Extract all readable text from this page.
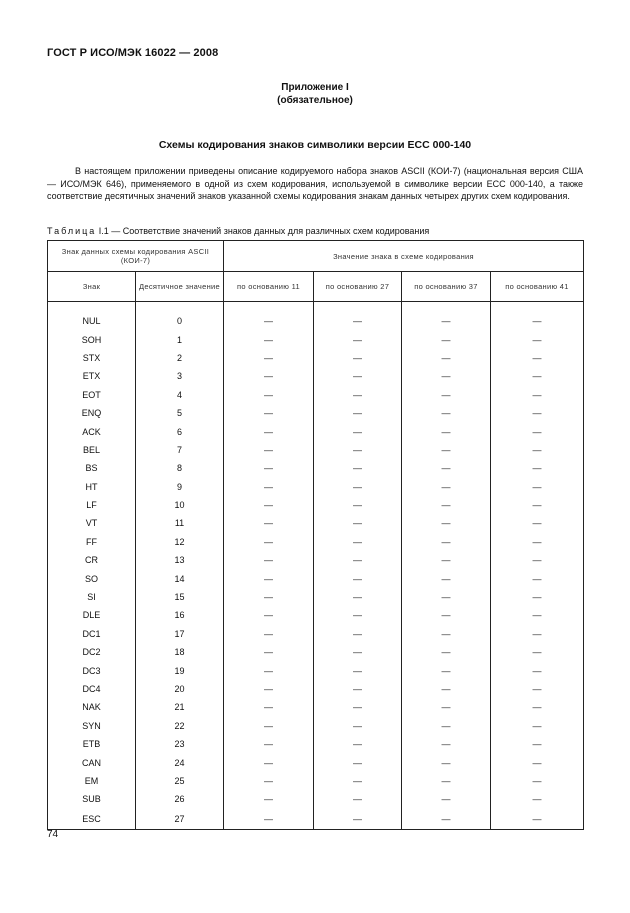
ГОСТ Р ИСО/МЭК 16022 — 2008
Приложение I
(обязательное)
Схемы кодирования знаков символики версии ECC 000-140

В настоящем приложении приведены описание кодируемого набора знаков ASCII (КОИ-7) (национальная версия США — ИСО/МЭК 646), применяемого в одной из схем кодирования, используемой в символике версии ECC 000-140, а также соответствие десятичных значений знаков указанной схемы кодирования знакам данных четырех других схем кодирования.

Таблица I.1 — Соответствие значений знаков данных для различных схем кодирования
Знак данных схемы кодирования ASCII (КОИ-7)		Значение знака в схеме кодирования			
Знак	Десятичное значение	по основанию 11	по основанию 27	по основанию 37	по основанию 41

NUL	0	—	—	—	—
SOH	1	—	—	—	—
STX	2	—	—	—	—
ETX	3	—	—	—	—
EOT	4	—	—	—	—
ENQ	5	—	—	—	—
ACK	6	—	—	—	—
BEL	7	—	—	—	—
BS	8	—	—	—	—
HT	9	—	—	—	—
LF	10	—	—	—	—
VT	11	—	—	—	—
FF	12	—	—	—	—
CR	13	—	—	—	—
SO	14	—	—	—	—
SI	15	—	—	—	—
DLE	16	—	—	—	—
DC1	17	—	—	—	—
DC2	18	—	—	—	—
DC3	19	—	—	—	—
DC4	20	—	—	—	—
NAK	21	—	—	—	—
SYN	22	—	—	—	—
ETB	23	—	—	—	—
CAN	24	—	—	—	—
EM	25	—	—	—	—
SUB	26	—	—	—	—
ESC	27	—	—	—	—
74
